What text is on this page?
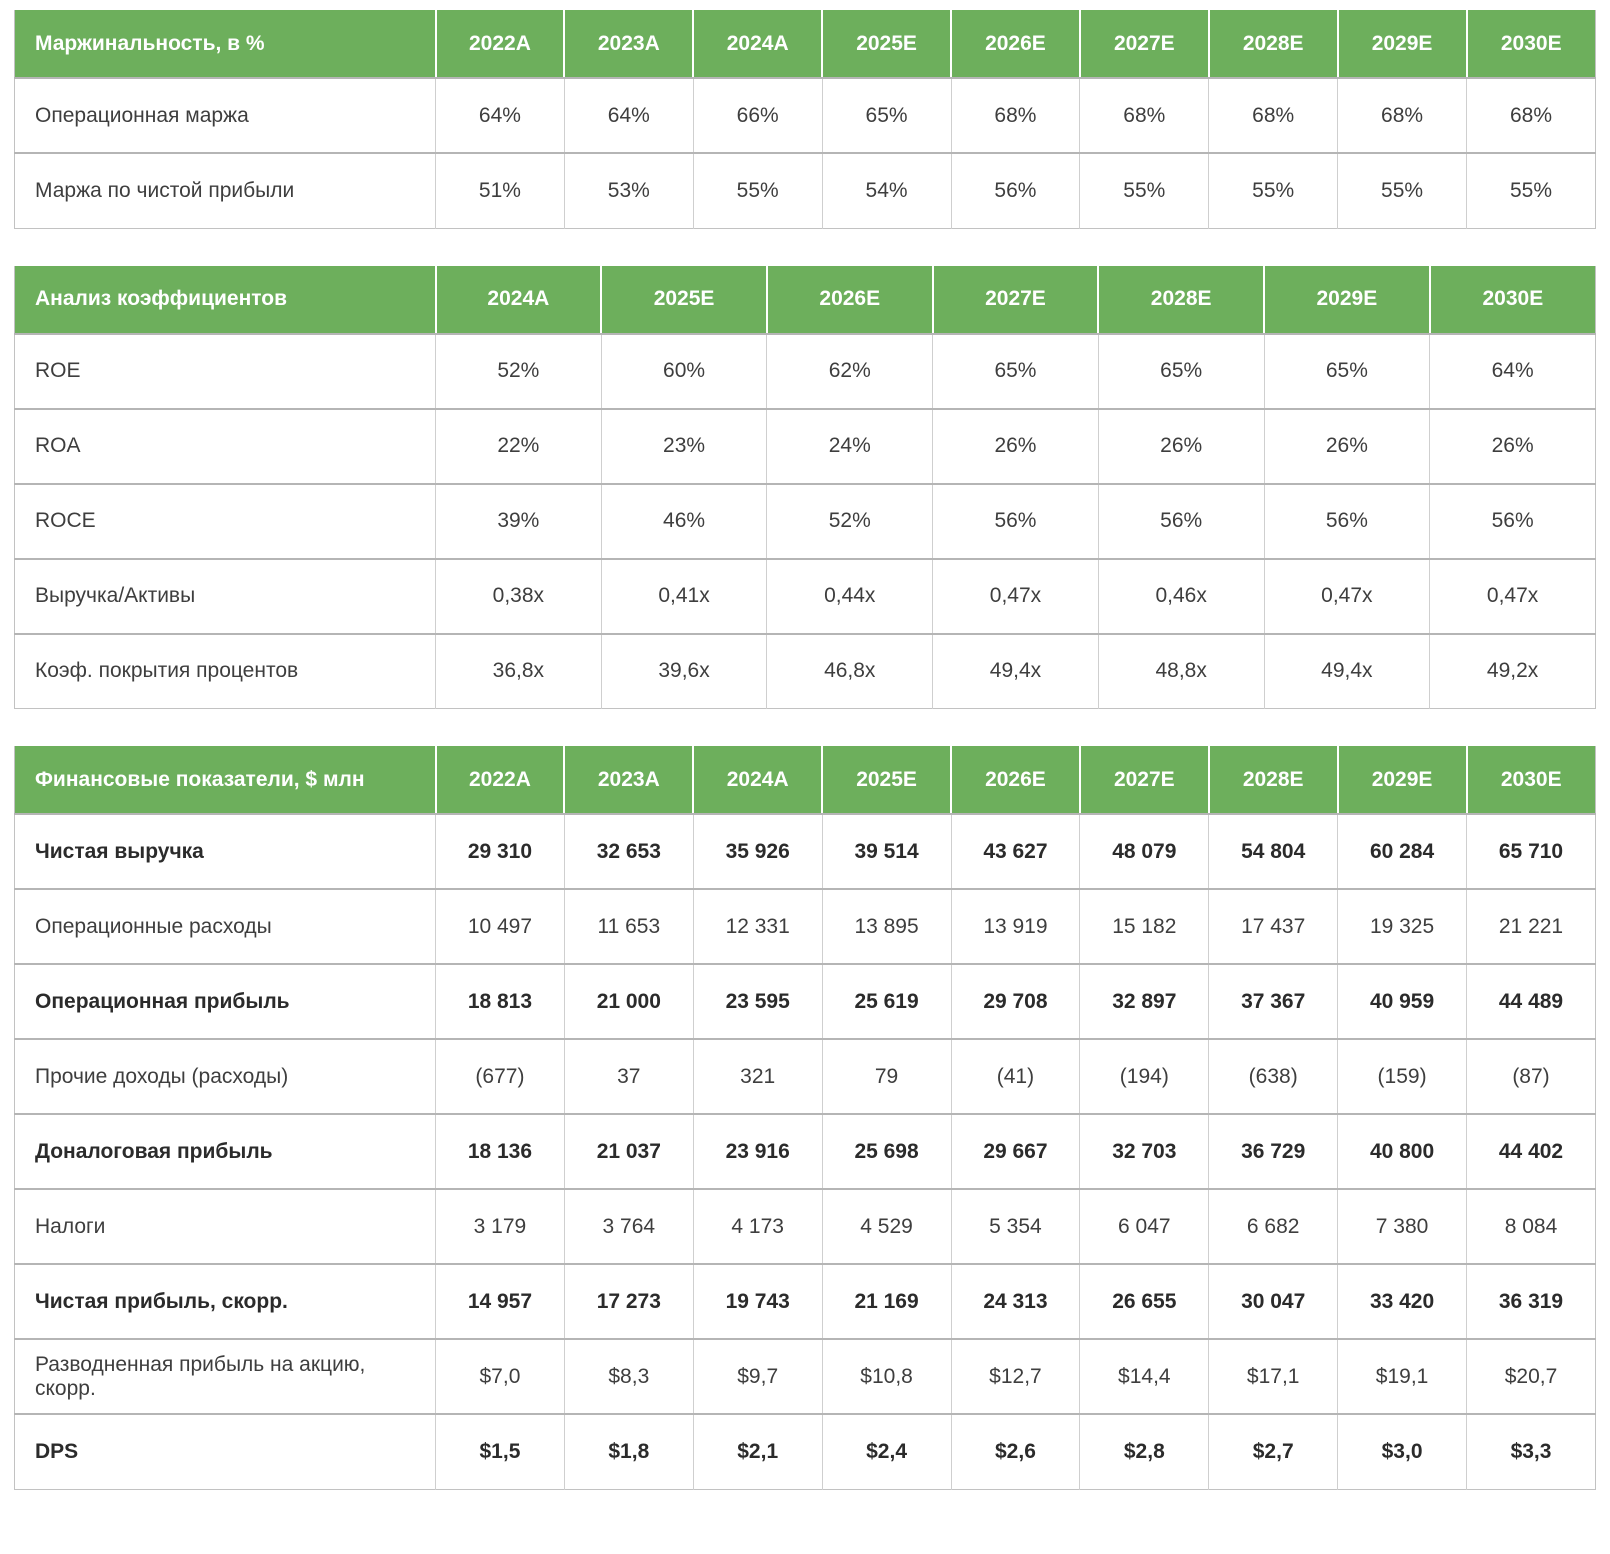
Маржинальность, в %	2022A	2023A	2024A	2025E	2026E	2027E	2028E	2029E	2030E
Операционная маржа	64%	64%	66%	65%	68%	68%	68%	68%	68%
Маржа по чистой прибыли	51%	53%	55%	54%	56%	55%	55%	55%	55%
Анализ коэффициентов	2024A	2025E	2026E	2027E	2028E	2029E	2030E
ROE	52%	60%	62%	65%	65%	65%	64%
ROA	22%	23%	24%	26%	26%	26%	26%
ROCE	39%	46%	52%	56%	56%	56%	56%
Выручка/Активы	0,38x	0,41x	0,44x	0,47x	0,46x	0,47x	0,47x
Коэф. покрытия процентов	36,8x	39,6x	46,8x	49,4x	48,8x	49,4x	49,2x
Финансовые показатели, $ млн	2022A	2023A	2024A	2025E	2026E	2027E	2028E	2029E	2030E
Чистая выручка	29 310	32 653	35 926	39 514	43 627	48 079	54 804	60 284	65 710
Операционные расходы	10 497	11 653	12 331	13 895	13 919	15 182	17 437	19 325	21 221
Операционная прибыль	18 813	21 000	23 595	25 619	29 708	32 897	37 367	40 959	44 489
Прочие доходы (расходы)	(677)	37	321	79	(41)	(194)	(638)	(159)	(87)
Доналоговая прибыль	18 136	21 037	23 916	25 698	29 667	32 703	36 729	40 800	44 402
Налоги	3 179	3 764	4 173	4 529	5 354	6 047	6 682	7 380	8 084
Чистая прибыль, скорр.	14 957	17 273	19 743	21 169	24 313	26 655	30 047	33 420	36 319
Разводненная прибыль на акцию, скорр.	$7,0	$8,3	$9,7	$10,8	$12,7	$14,4	$17,1	$19,1	$20,7
DPS	$1,5	$1,8	$2,1	$2,4	$2,6	$2,8	$2,7	$3,0	$3,3
